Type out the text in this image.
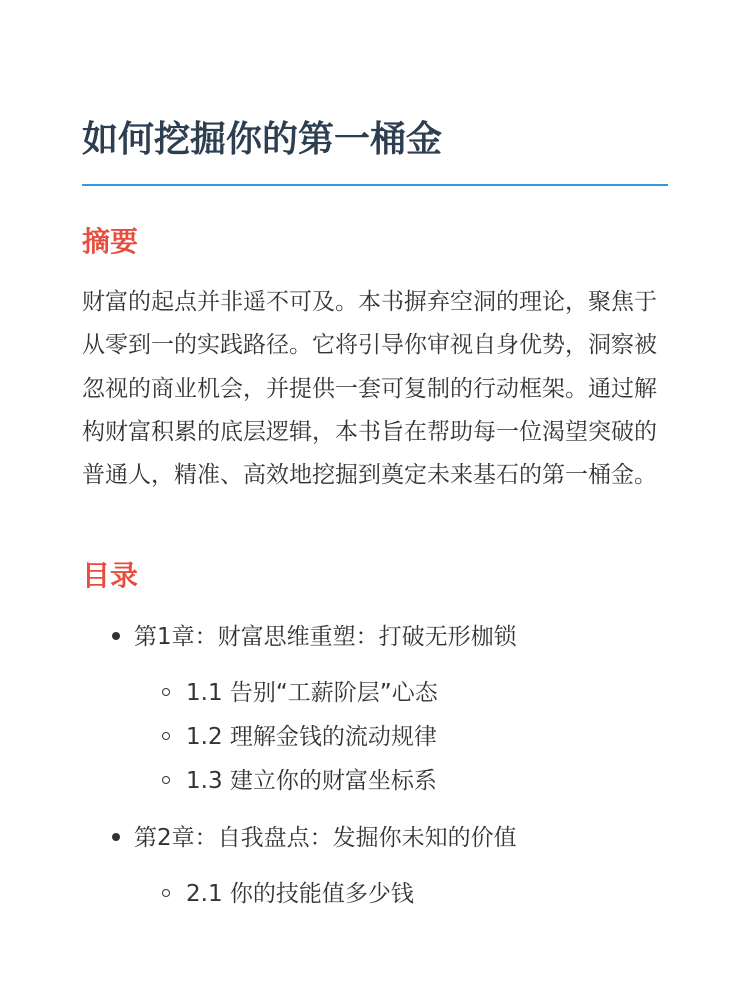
如何挖掘你的第一桶金
摘要

财富的起点并非遥不可及。本书摒弃空洞的理论，聚焦于从零到一的实践路径。它将引导你审视自身优势，洞察被忽视的商业机会，并提供一套可复制的行动框架。通过解构财富积累的底层逻辑，本书旨在帮助每一位渴望突破的普通人，精准、高效地挖掘到奠定未来基石的第一桶金。

目录
第1章：财富思维重塑：打破无形枷锁
1.1 告别“工薪阶层”心态
1.2 理解金钱的流动规律
1.3 建立你的财富坐标系
第2章：自我盘点：发掘你未知的价值
2.1 你的技能值多少钱
